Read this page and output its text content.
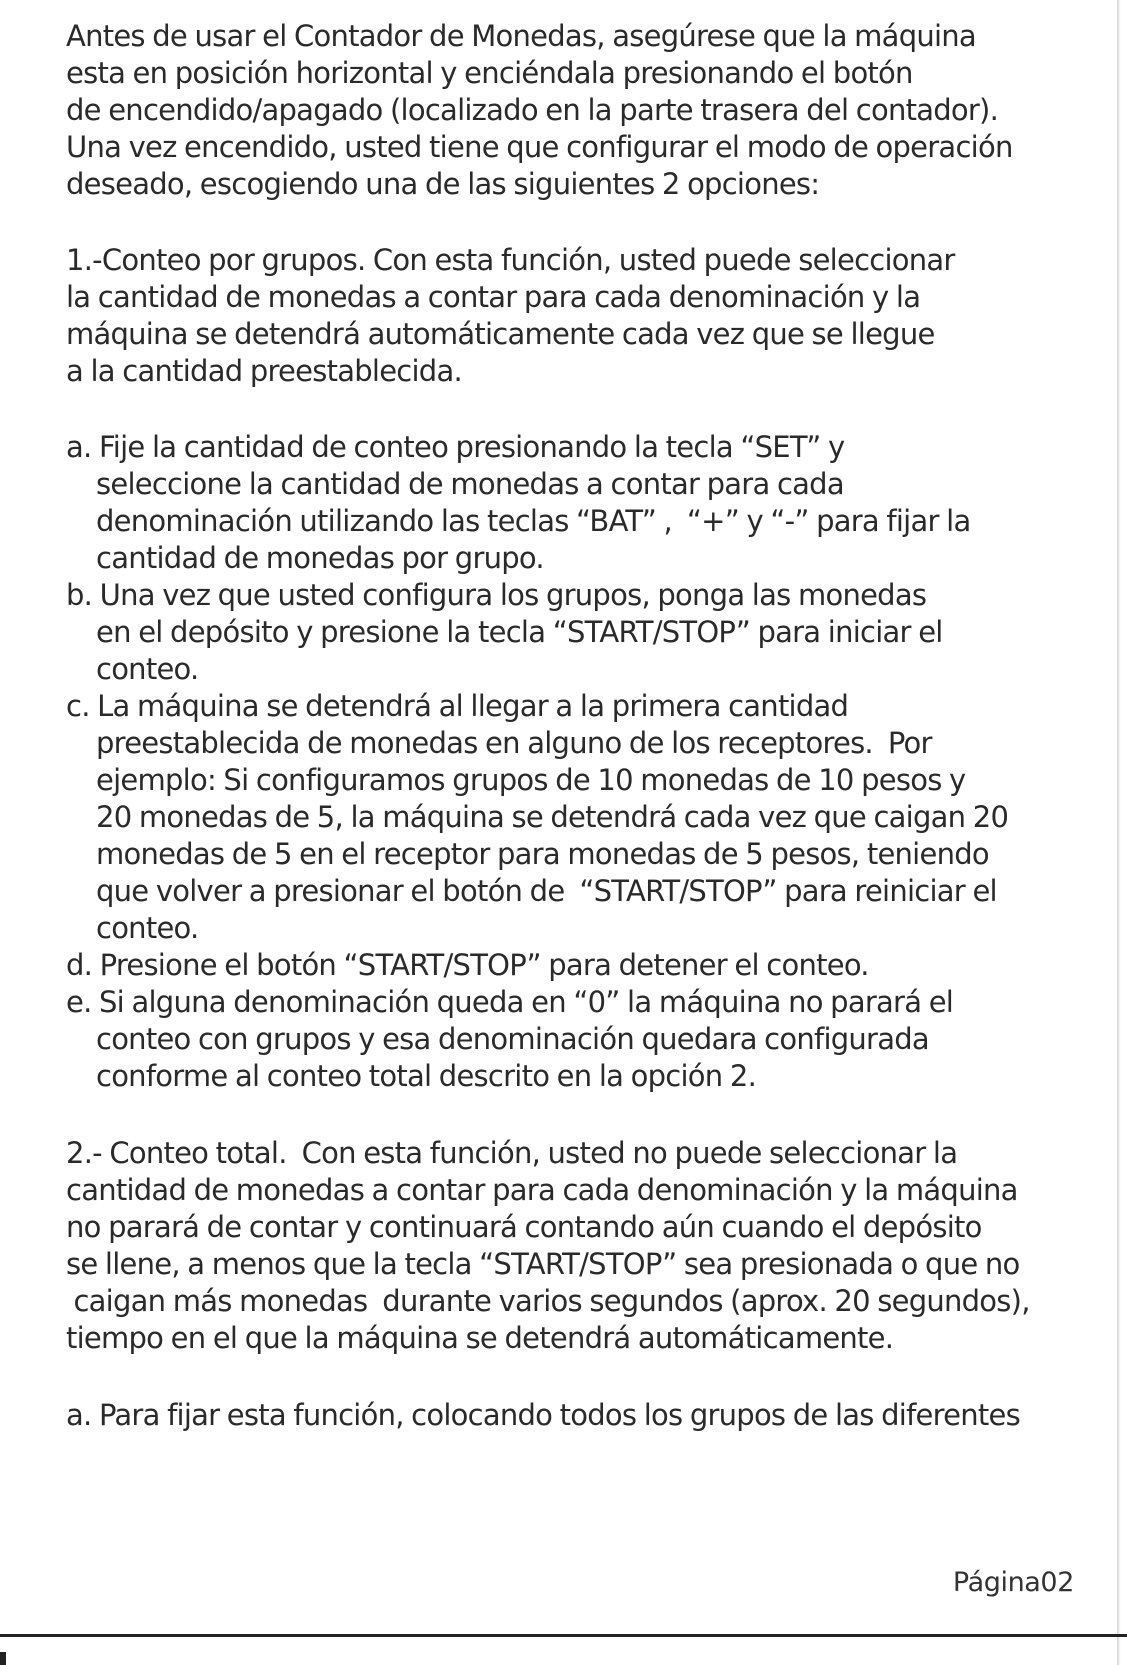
Antes de usar el Contador de Monedas, asegúrese que la máquina
esta en posición horizontal y enciéndala presionando el botón
de encendido/apagado (localizado en la parte trasera del contador).
Una vez encendido, usted tiene que configurar el modo de operación
deseado, escogiendo una de las siguientes 2 opciones:
1.-Conteo por grupos. Con esta función, usted puede seleccionar
la cantidad de monedas a contar para cada denominación y la
máquina se detendrá automáticamente cada vez que se llegue
a la cantidad preestablecida.
a. Fije la cantidad de conteo presionando la tecla “SET” y
seleccione la cantidad de monedas a contar para cada
denominación utilizando las teclas “BAT” ,  “+” y “-” para fijar la
cantidad de monedas por grupo.
b. Una vez que usted configura los grupos, ponga las monedas
en el depósito y presione la tecla “START/STOP” para iniciar el
conteo.
c. La máquina se detendrá al llegar a la primera cantidad
preestablecida de monedas en alguno de los receptores.  Por
ejemplo: Si configuramos grupos de 10 monedas de 10 pesos y
20 monedas de 5, la máquina se detendrá cada vez que caigan 20
monedas de 5 en el receptor para monedas de 5 pesos, teniendo
que volver a presionar el botón de  “START/STOP” para reiniciar el
conteo.
d. Presione el botón “START/STOP” para detener el conteo.
e. Si alguna denominación queda en “0” la máquina no parará el
conteo con grupos y esa denominación quedara configurada
conforme al conteo total descrito en la opción 2.
2.- Conteo total.  Con esta función, usted no puede seleccionar la
cantidad de monedas a contar para cada denominación y la máquina
no parará de contar y continuará contando aún cuando el depósito
se llene, a menos que la tecla “START/STOP” sea presionada o que no
caigan más monedas  durante varios segundos (aprox. 20 segundos),
tiempo en el que la máquina se detendrá automáticamente.
a. Para fijar esta función, colocando todos los grupos de las diferentes
Página02
